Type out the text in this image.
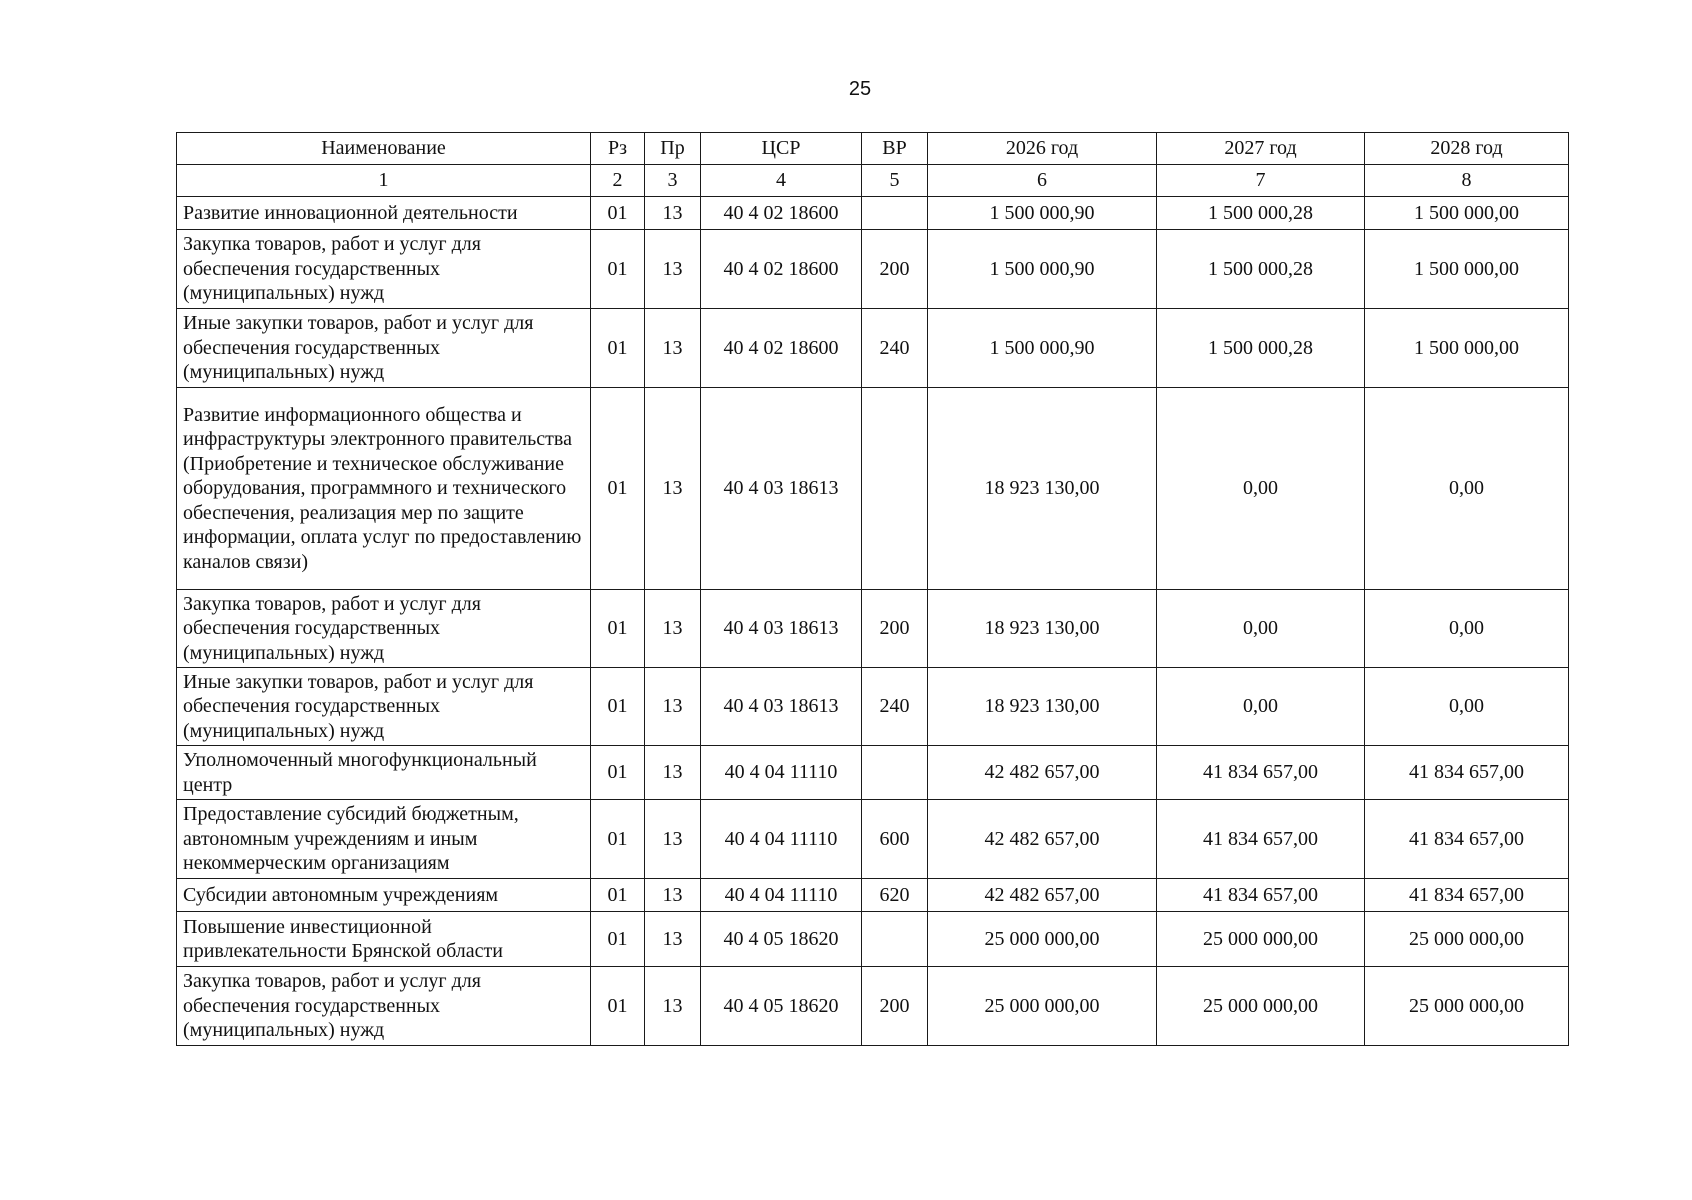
25
Наименование	Рз	Пр	ЦСР	ВР	2026 год	2027 год	2028 год
1	2	3	4	5	6	7	8
Развитие инновационной деятельности	01	13	40 4 02 18600		1 500 000,90	1 500 000,28	1 500 000,00
Закупка товаров, работ и услуг для обеспечения государственных (муниципальных) нужд	01	13	40 4 02 18600	200	1 500 000,90	1 500 000,28	1 500 000,00
Иные закупки товаров, работ и услуг для обеспечения государственных (муниципальных) нужд	01	13	40 4 02 18600	240	1 500 000,90	1 500 000,28	1 500 000,00
Развитие информационного общества и инфраструктуры электронного правительства (Приобретение и техническое обслуживание оборудования, программного и технического обеспечения, реализация мер по защите информации, оплата услуг по предоставлению каналов связи)	01	13	40 4 03 18613		18 923 130,00	0,00	0,00
Закупка товаров, работ и услуг для обеспечения государственных (муниципальных) нужд	01	13	40 4 03 18613	200	18 923 130,00	0,00	0,00
Иные закупки товаров, работ и услуг для обеспечения государственных (муниципальных) нужд	01	13	40 4 03 18613	240	18 923 130,00	0,00	0,00
Уполномоченный многофункциональный центр	01	13	40 4 04 11110		42 482 657,00	41 834 657,00	41 834 657,00
Предоставление субсидий бюджетным, автономным учреждениям и иным некоммерческим организациям	01	13	40 4 04 11110	600	42 482 657,00	41 834 657,00	41 834 657,00
Субсидии автономным учреждениям	01	13	40 4 04 11110	620	42 482 657,00	41 834 657,00	41 834 657,00
Повышение инвестиционной привлекательности Брянской области	01	13	40 4 05 18620		25 000 000,00	25 000 000,00	25 000 000,00
Закупка товаров, работ и услуг для обеспечения государственных (муниципальных) нужд	01	13	40 4 05 18620	200	25 000 000,00	25 000 000,00	25 000 000,00
